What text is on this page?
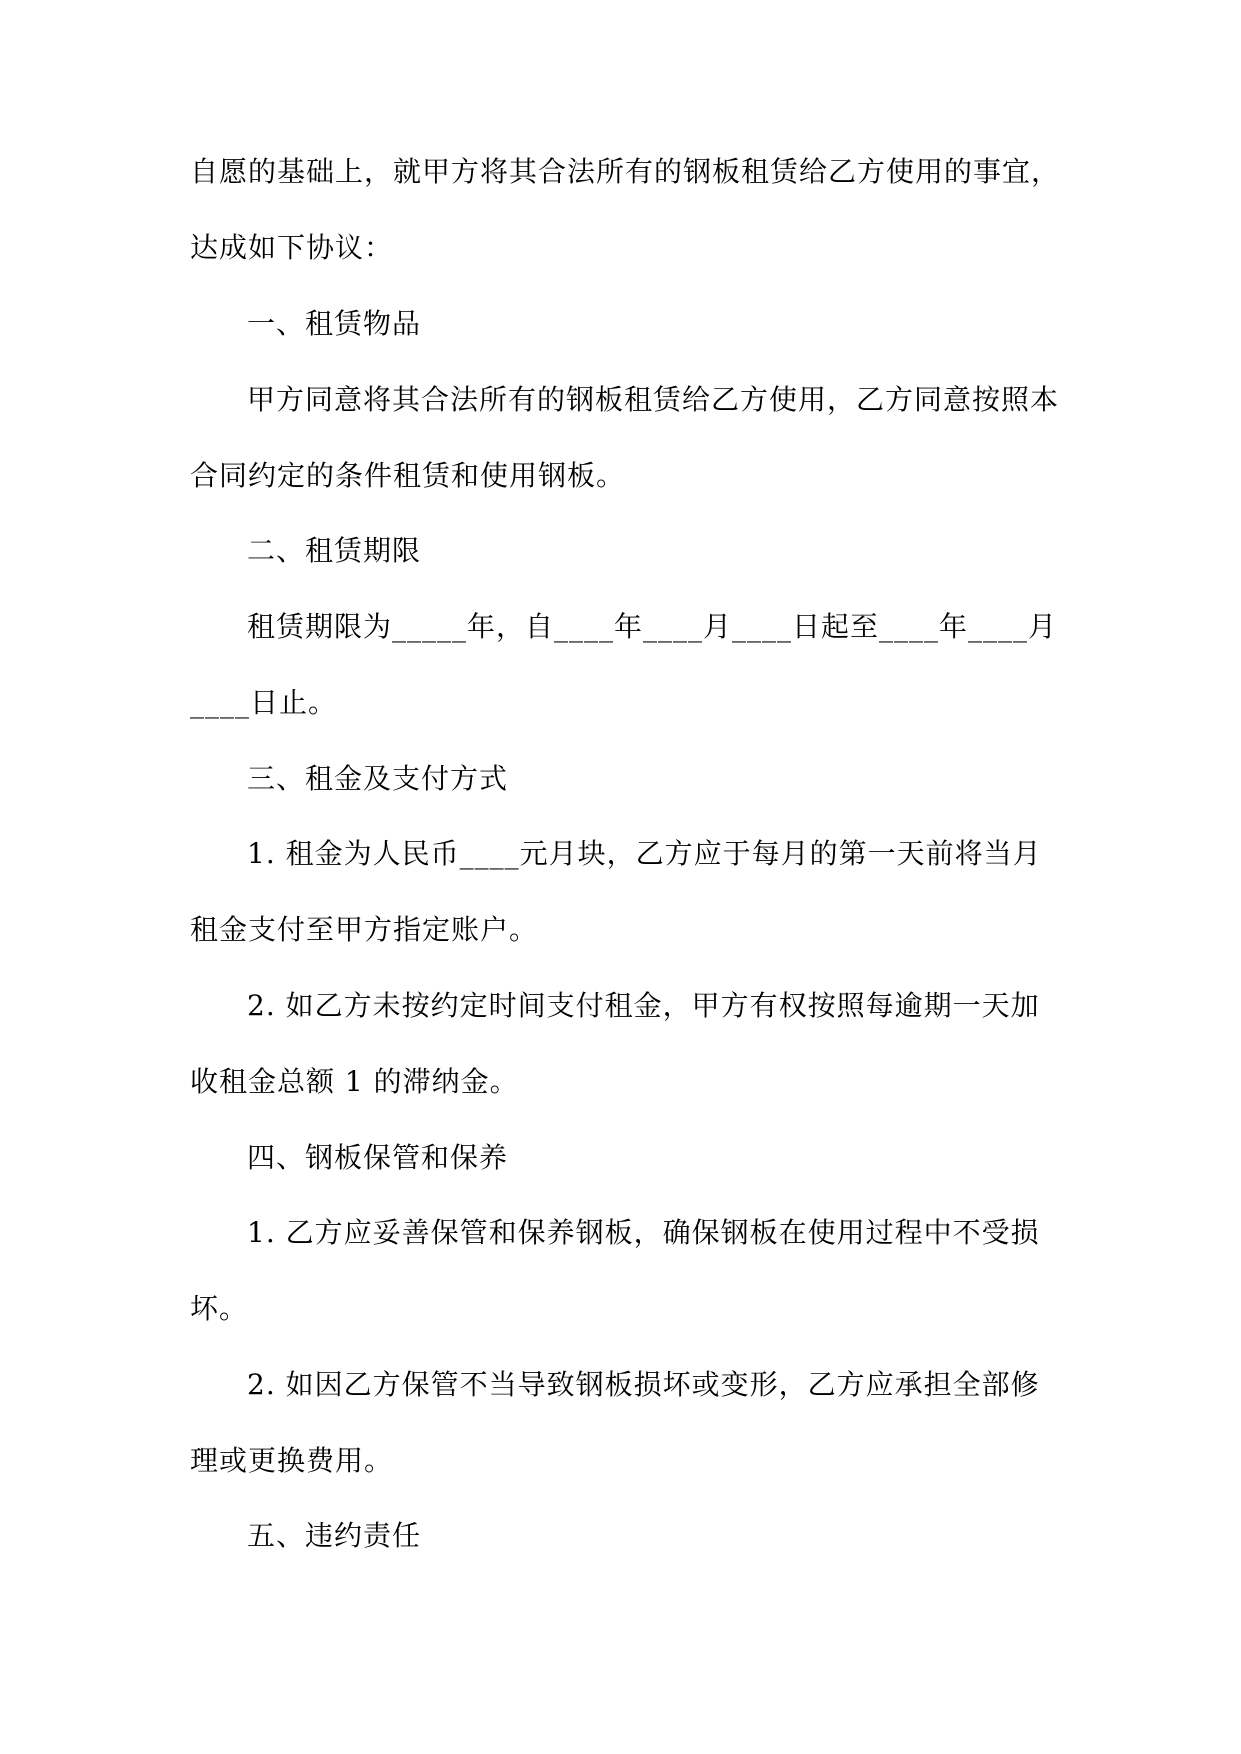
自愿的基础上，就甲方将其合法所有的钢板租赁给乙方使用的事宜，
达成如下协议：
一、租赁物品
甲方同意将其合法所有的钢板租赁给乙方使用，乙方同意按照本
合同约定的条件租赁和使用钢板。
二、租赁期限
租赁期限为_____年，自____年____月____日起至____年____月
____日止。
三、租金及支付方式
1. 租金为人民币____元月块，乙方应于每月的第一天前将当月
租金支付至甲方指定账户。
2. 如乙方未按约定时间支付租金，甲方有权按照每逾期一天加
收租金总额 1 的滞纳金。
四、钢板保管和保养
1. 乙方应妥善保管和保养钢板，确保钢板在使用过程中不受损
坏。
2. 如因乙方保管不当导致钢板损坏或变形，乙方应承担全部修
理或更换费用。
五、违约责任
